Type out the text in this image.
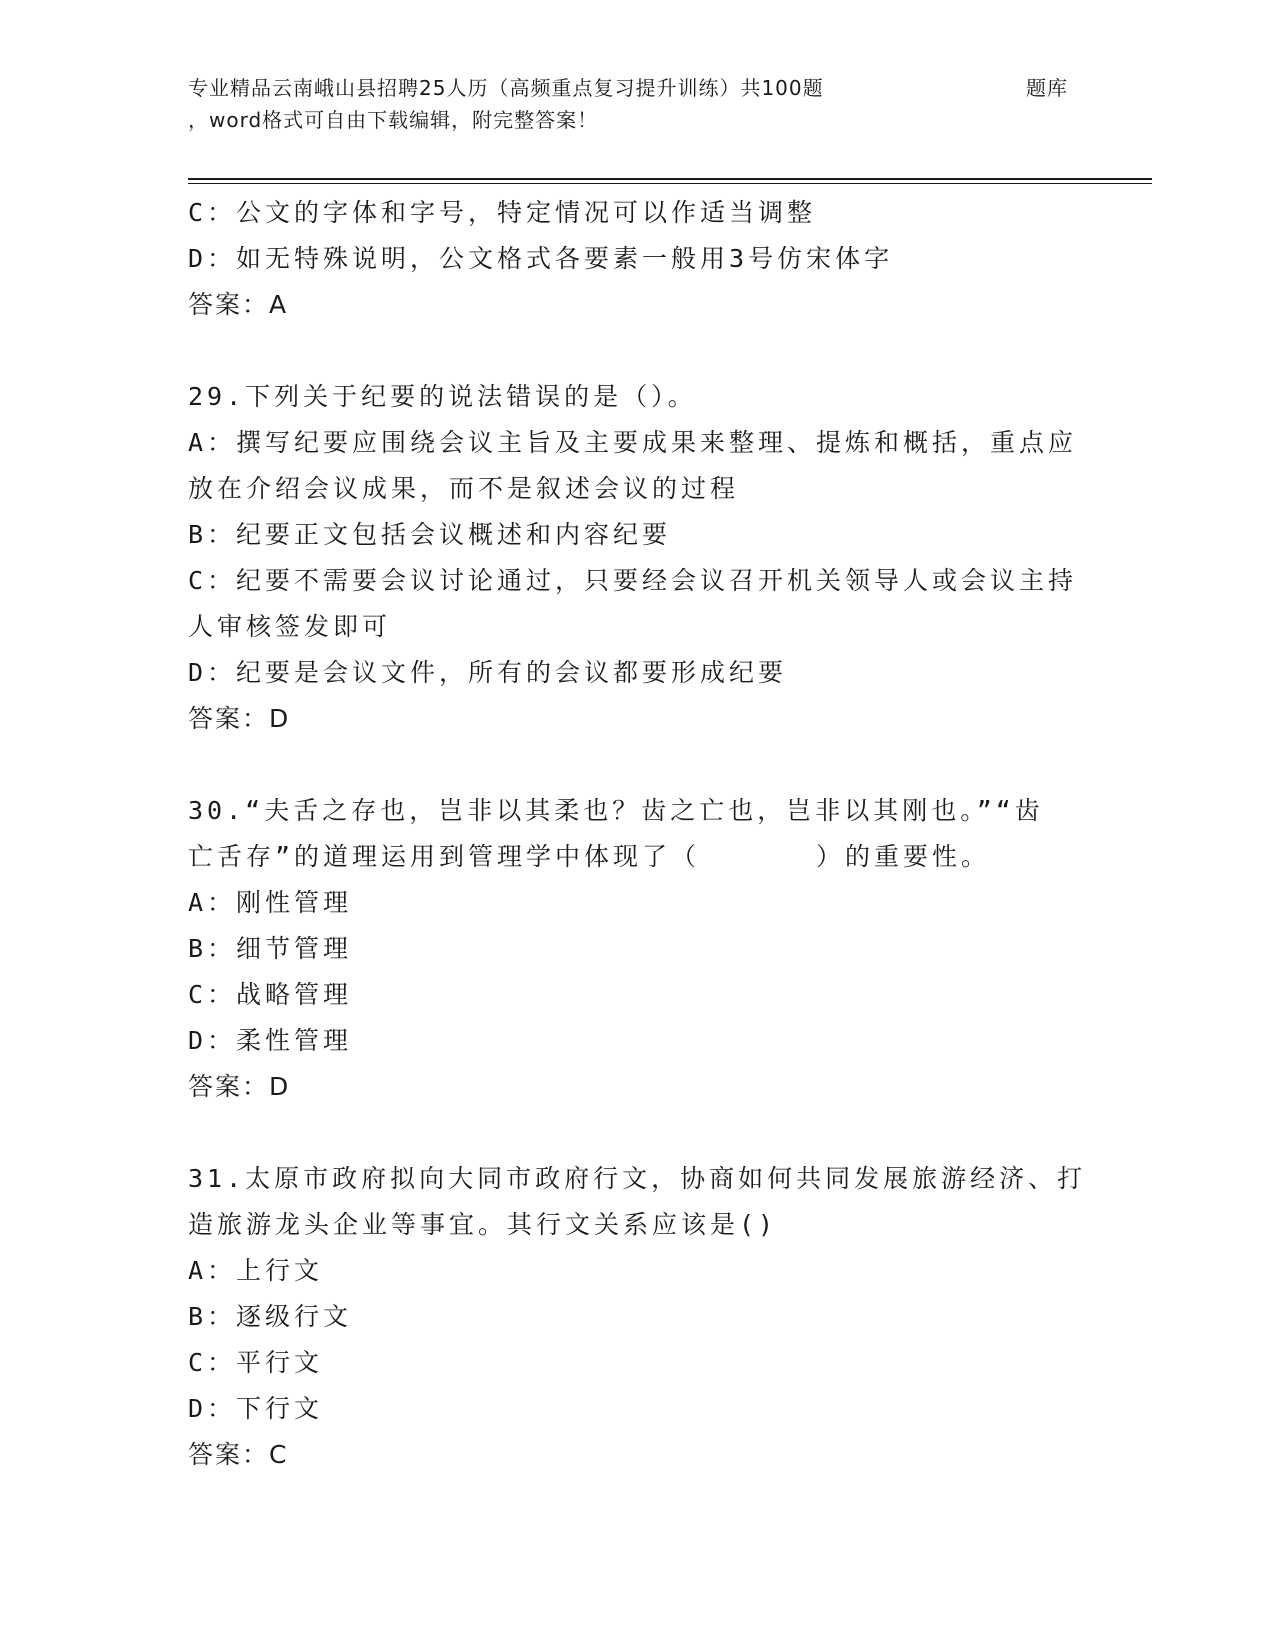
专业精品云南峨山县招聘25人历（高频重点复习提升训练）共100题	题库
，word格式可自由下载编辑，附完整答案！
C：公文的字体和字号，特定情况可以作适当调整
D：如无特殊说明，公文格式各要素一般用3号仿宋体字
答案：A
29.下列关于纪要的说法错误的是（）。
A：撰写纪要应围绕会议主旨及主要成果来整理、提炼和概括，重点应
放在介绍会议成果，而不是叙述会议的过程
B：纪要正文包括会议概述和内容纪要
C：纪要不需要会议讨论通过，只要经会议召开机关领导人或会议主持
人审核签发即可
D：纪要是会议文件，所有的会议都要形成纪要
答案：D
30.“夫舌之存也，岂非以其柔也？齿之亡也，岂非以其刚也。”“齿
亡舌存”的道理运用到管理学中体现了（　　　　）的重要性。
A：刚性管理
B：细节管理
C：战略管理
D：柔性管理
答案：D
31.太原市政府拟向大同市政府行文，协商如何共同发展旅游经济、打
造旅游龙头企业等事宜。其行文关系应该是()
A：上行文
B：逐级行文
C：平行文
D：下行文
答案：C
